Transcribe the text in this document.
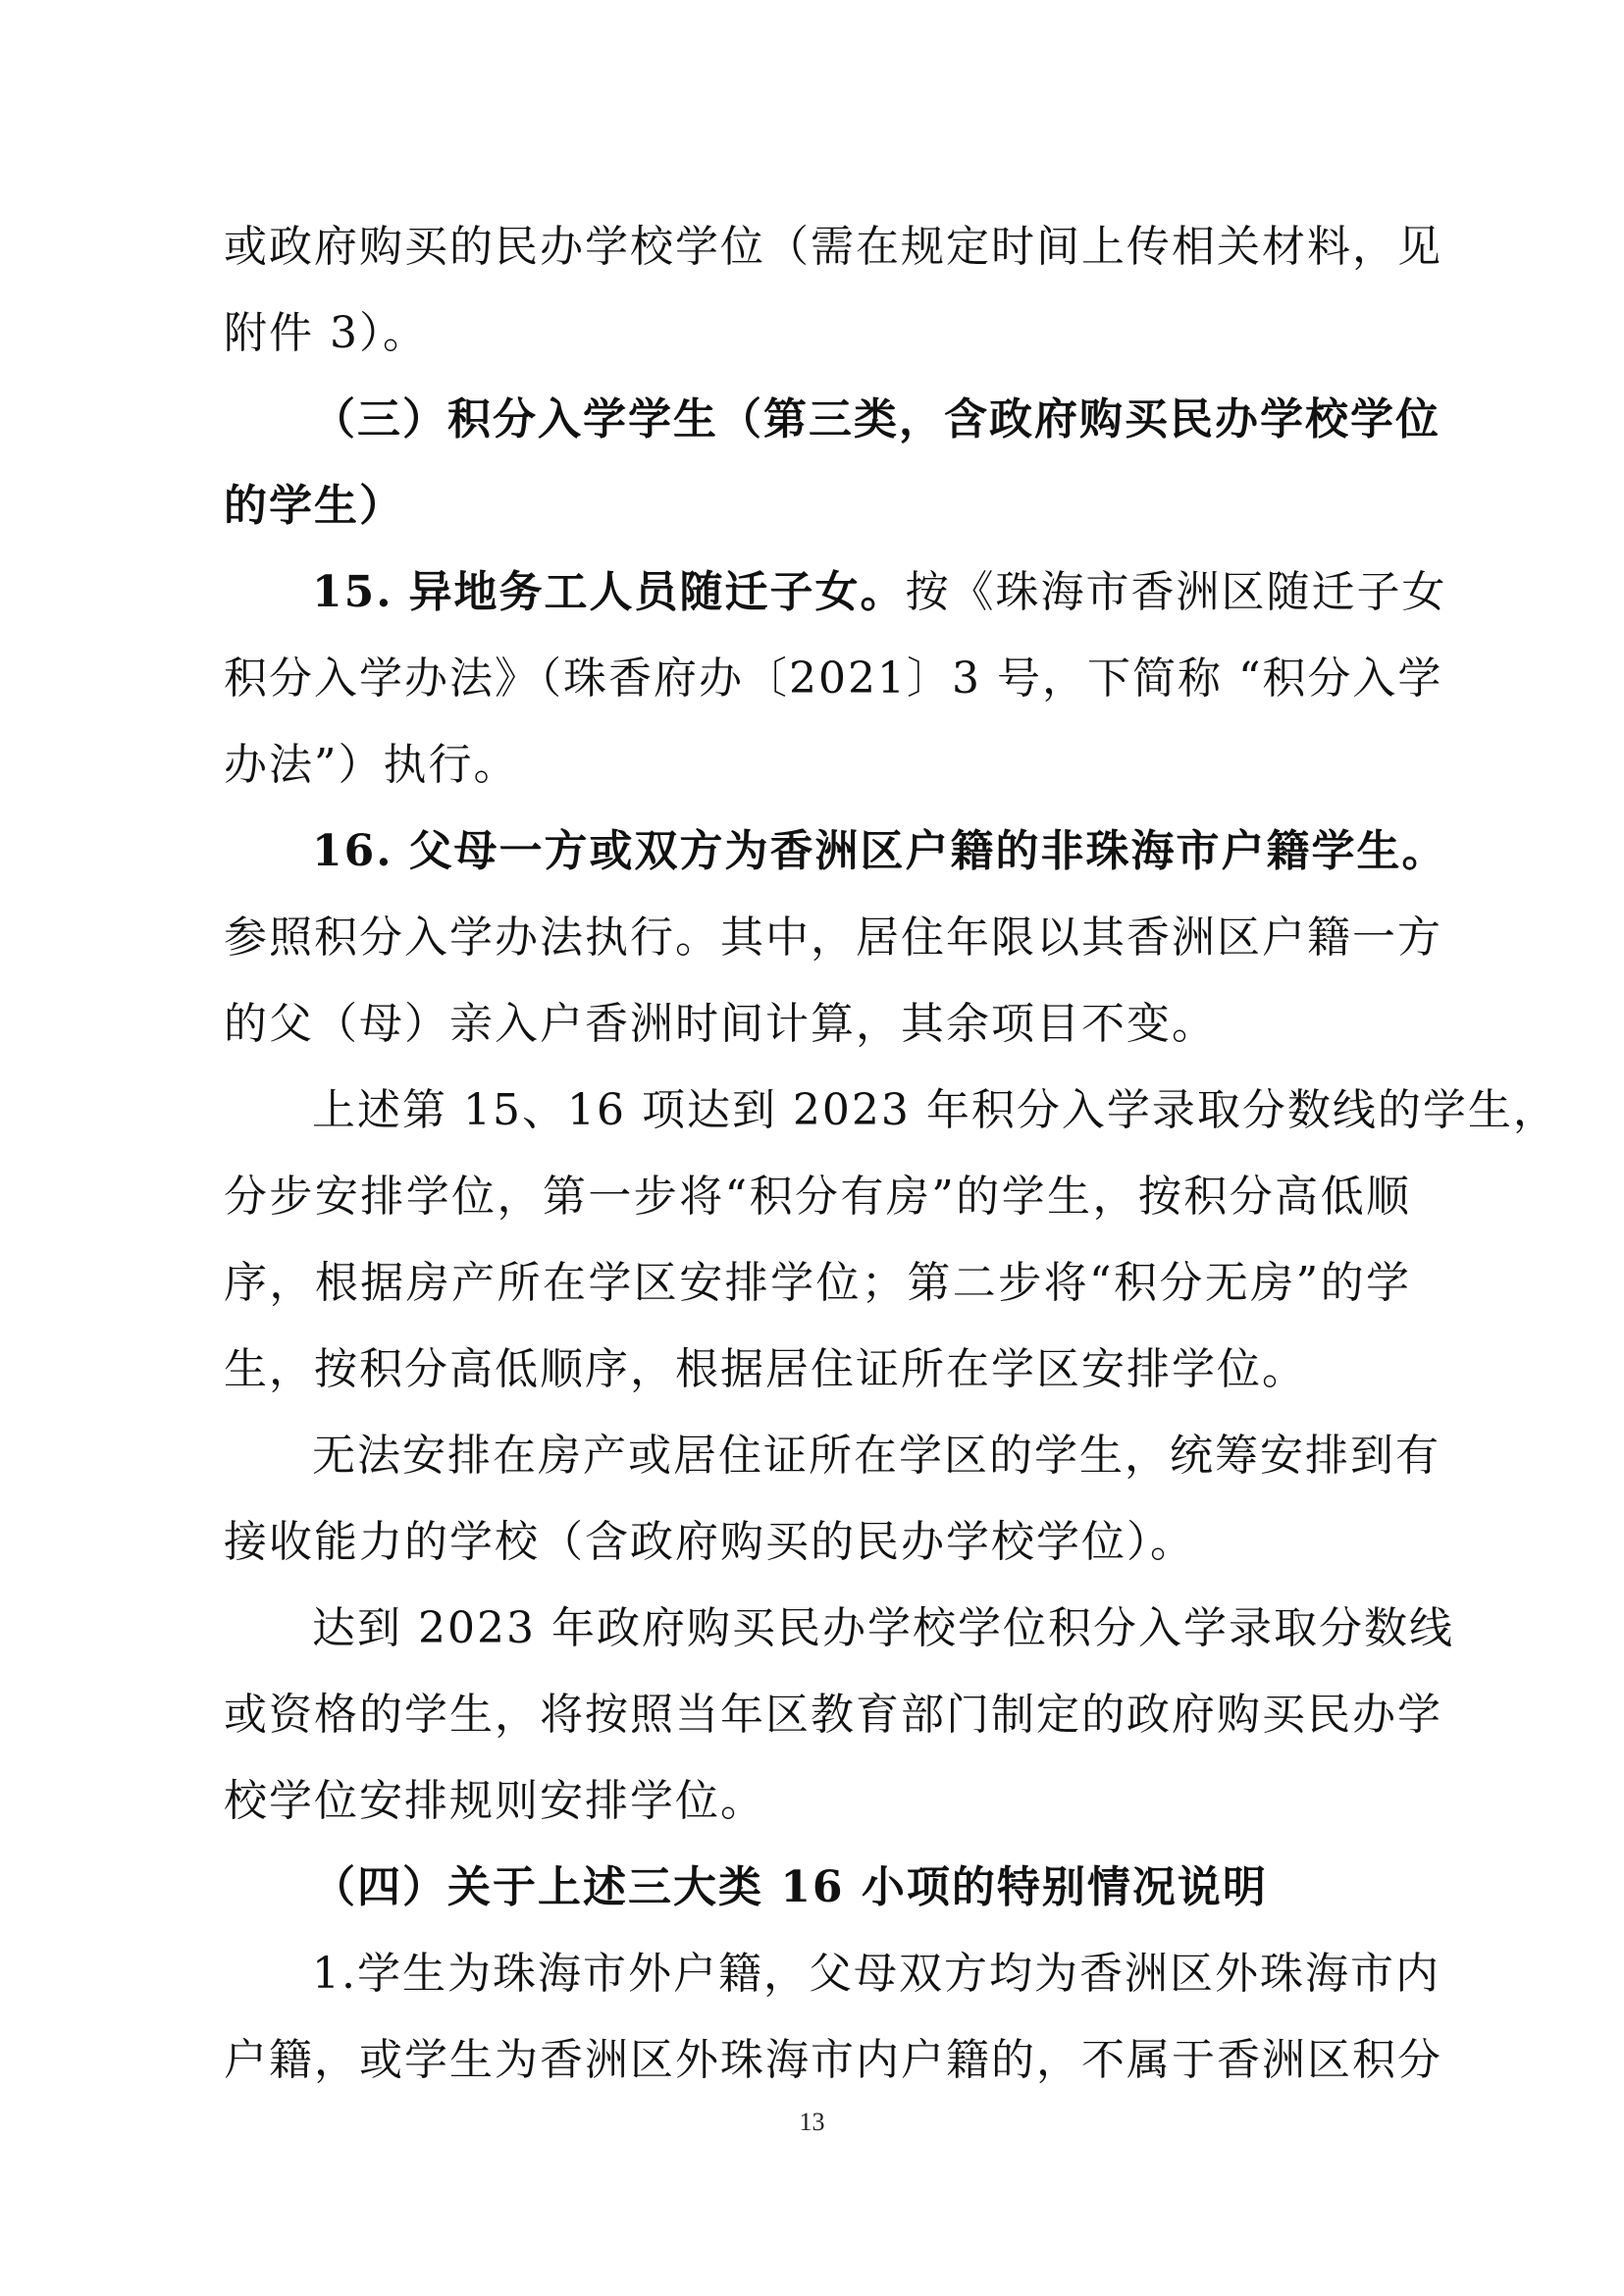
或政府购买的民办学校学位（需在规定时间上传相关材料，见
附件 3）。
（三）积分入学学生（第三类，含政府购买民办学校学位
的学生）
15. 异地务工人员随迁子女。按《珠海市香洲区随迁子女
积分入学办法》（珠香府办〔2021〕3 号，下简称 “积分入学
办法”）执行。
16. 父母一方或双方为香洲区户籍的非珠海市户籍学生。
参照积分入学办法执行。其中，居住年限以其香洲区户籍一方
的父（母）亲入户香洲时间计算，其余项目不变。
上述第 15、16 项达到 2023 年积分入学录取分数线的学生，
分步安排学位，第一步将“积分有房”的学生，按积分高低顺
序，根据房产所在学区安排学位；第二步将“积分无房”的学
生，按积分高低顺序，根据居住证所在学区安排学位。
无法安排在房产或居住证所在学区的学生，统筹安排到有
接收能力的学校（含政府购买的民办学校学位）。
达到 2023 年政府购买民办学校学位积分入学录取分数线
或资格的学生，将按照当年区教育部门制定的政府购买民办学
校学位安排规则安排学位。
（四）关于上述三大类 16 小项的特别情况说明
1.学生为珠海市外户籍，父母双方均为香洲区外珠海市内
户籍，或学生为香洲区外珠海市内户籍的，不属于香洲区积分
13
